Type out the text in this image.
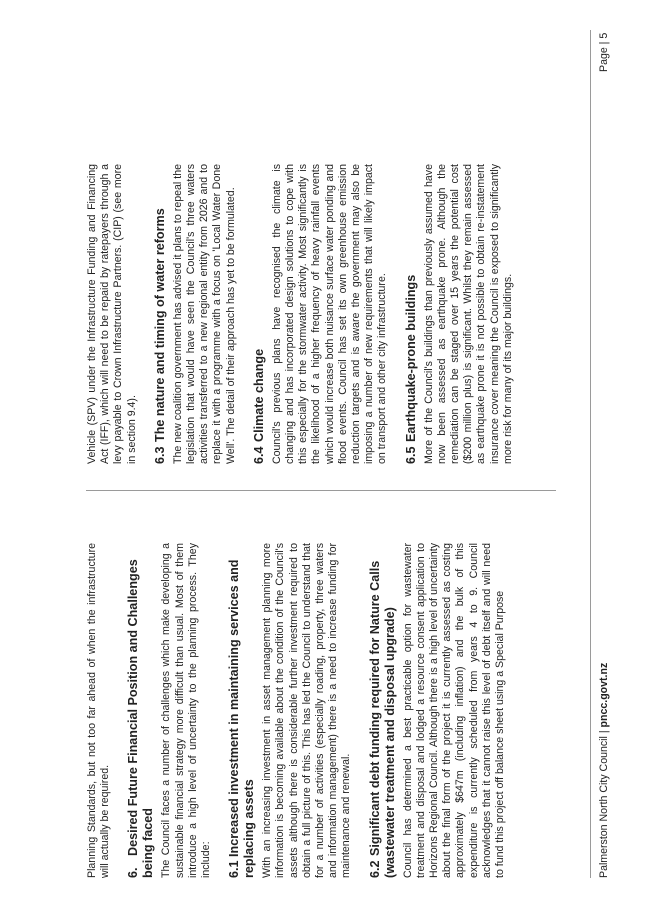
Planning Standards, but not too far ahead of when the infrastructure will actually be required. 6.Desired Future Financial Position and Challenges being faced The Council faces a number of challenges which make developing a sustainable financial strategy more difficult than usual. Most of them introduce a high level of uncertainty to the planning process. They include: 6.1 Increased investment in maintaining services and replacing assets With an increasing investment in asset management planning more information is becoming available about the condition of the Council's assets although there is considerable further investment required to obtain a full picture of this. This has led the Council to understand that for a number of activities (especially roading, property, three waters and information management) there is a need to increase funding for maintenance and renewal. 6.2Significant debt funding required for Nature Calls (wastewater treatment and disposal upgrade) Council has determined a best practicable option for wastewater treatment and disposal and lodged a resource consent application to Horizons Regional Council. Although there is a high level of uncertainty about the final form of the project it is currently assessed as costing approximately $647m (including inflation) and the bulk of this expenditure is currently scheduled from years 4 to 9. Council acknowledges that it cannot raise this level of debt itself and will need to fund this project off balance sheet using a Special Purpose

Vehicle (SPV) under the Infrastructure Funding and Financing Act (IFF), which will need to be repaid by ratepayers through a levy payable to Crown Infrastructure Partners. (CIP) (see more in section 9.4). 6.3The nature and timing of water reforms The new coalition government has advised it plans to repeal the legislation that would have seen the Council's three waters activities transferred to a new regional entity from 2026 and to replace it with a programme with a focus on 'Local Water Done Well'. The detail of their approach has yet to be formulated. 6.4Climate change Council's previous plans have recognised the climate is changing and has incorporated design solutions to cope with this especially for the stormwater activity. Most significantly is the likelihood of a higher frequency of heavy rainfall events which would increase both nuisance surface water ponding and flood events. Council has set its own greenhouse emission reduction targets and is aware the government may also be imposing a number of new requirements that will likely impact on transport and other city infrastructure. 6.5Earthquake-prone buildings More of the Council's buildings than previously assumed have now been assessed as earthquake prone. Although the remediation can be staged over 15 years the potential cost ($200 million plus) is significant. Whilst they remain assessed as earthquake prone it is not possible to obtain re-instatement insurance cover meaning the Council is exposed to significantly more risk for many of its major buildings.

Palmerston North City Council | pncc.govt.nz
Page | 5
